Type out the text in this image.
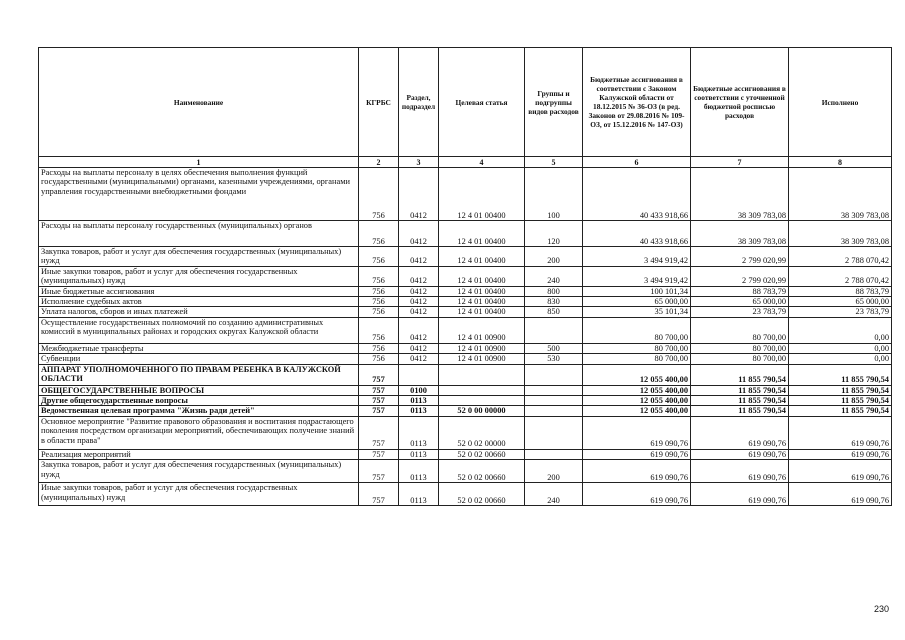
Наименование	КГРБС	Раздел, подраздел	Целевая статья	Группы и подгруппы видов расходов	Бюджетные ассигнования в соответствии с Законом Калужской области от 18.12.2015 № 36-ОЗ (в ред. Законов от 29.08.2016 № 109-ОЗ, от 15.12.2016 № 147-ОЗ)	Бюджетные ассигнования в соответствии с уточненной бюджетной росписью расходов	Исполнено
1	2	3	4	5	6	7	8
Расходы на выплаты персоналу в целях обеспечения выполнения функций государственными (муниципальными) органами, казенными учреждениями, органами управления государственными внебюджетными фондами	756	0412	12 4 01 00400	100	40 433 918,66	38 309 783,08	38 309 783,08
Расходы на выплаты персоналу государственных (муниципальных) органов	756	0412	12 4 01 00400	120	40 433 918,66	38 309 783,08	38 309 783,08
Закупка товаров, работ и услуг для обеспечения государственных (муниципальных) нужд	756	0412	12 4 01 00400	200	3 494 919,42	2 799 020,99	2 788 070,42
Иные закупки товаров, работ и услуг для обеспечения государственных (муниципальных) нужд	756	0412	12 4 01 00400	240	3 494 919,42	2 799 020,99	2 788 070,42
Иные бюджетные ассигнования	756	0412	12 4 01 00400	800	100 101,34	88 783,79	88 783,79
Исполнение судебных актов	756	0412	12 4 01 00400	830	65 000,00	65 000,00	65 000,00
Уплата налогов, сборов и иных платежей	756	0412	12 4 01 00400	850	35 101,34	23 783,79	23 783,79
Осуществление государственных полномочий по созданию административных комиссий в муниципальных районах и городских округах Калужской области	756	0412	12 4 01 00900		80 700,00	80 700,00	0,00
Межбюджетные трансферты	756	0412	12 4 01 00900	500	80 700,00	80 700,00	0,00
Субвенции	756	0412	12 4 01 00900	530	80 700,00	80 700,00	0,00
АППАРАТ УПОЛНОМОЧЕННОГО ПО ПРАВАМ РЕБЕНКА В КАЛУЖСКОЙ ОБЛАСТИ	757				12 055 400,00	11 855 790,54	11 855 790,54
ОБЩЕГОСУДАРСТВЕННЫЕ ВОПРОСЫ	757	0100			12 055 400,00	11 855 790,54	11 855 790,54
Другие общегосударственные вопросы	757	0113			12 055 400,00	11 855 790,54	11 855 790,54
Ведомственная целевая программа "Жизнь ради детей"	757	0113	52 0 00 00000		12 055 400,00	11 855 790,54	11 855 790,54
Основное мероприятие "Развитие правового образования и воспитания подрастающего поколения посредством организации мероприятий, обеспечивающих получение знаний в области права"	757	0113	52 0 02 00000		619 090,76	619 090,76	619 090,76
Реализация мероприятий	757	0113	52 0 02 00660		619 090,76	619 090,76	619 090,76
Закупка товаров, работ и услуг для обеспечения государственных (муниципальных) нужд	757	0113	52 0 02 00660	200	619 090,76	619 090,76	619 090,76
Иные закупки товаров, работ и услуг для обеспечения государственных (муниципальных) нужд	757	0113	52 0 02 00660	240	619 090,76	619 090,76	619 090,76
230
